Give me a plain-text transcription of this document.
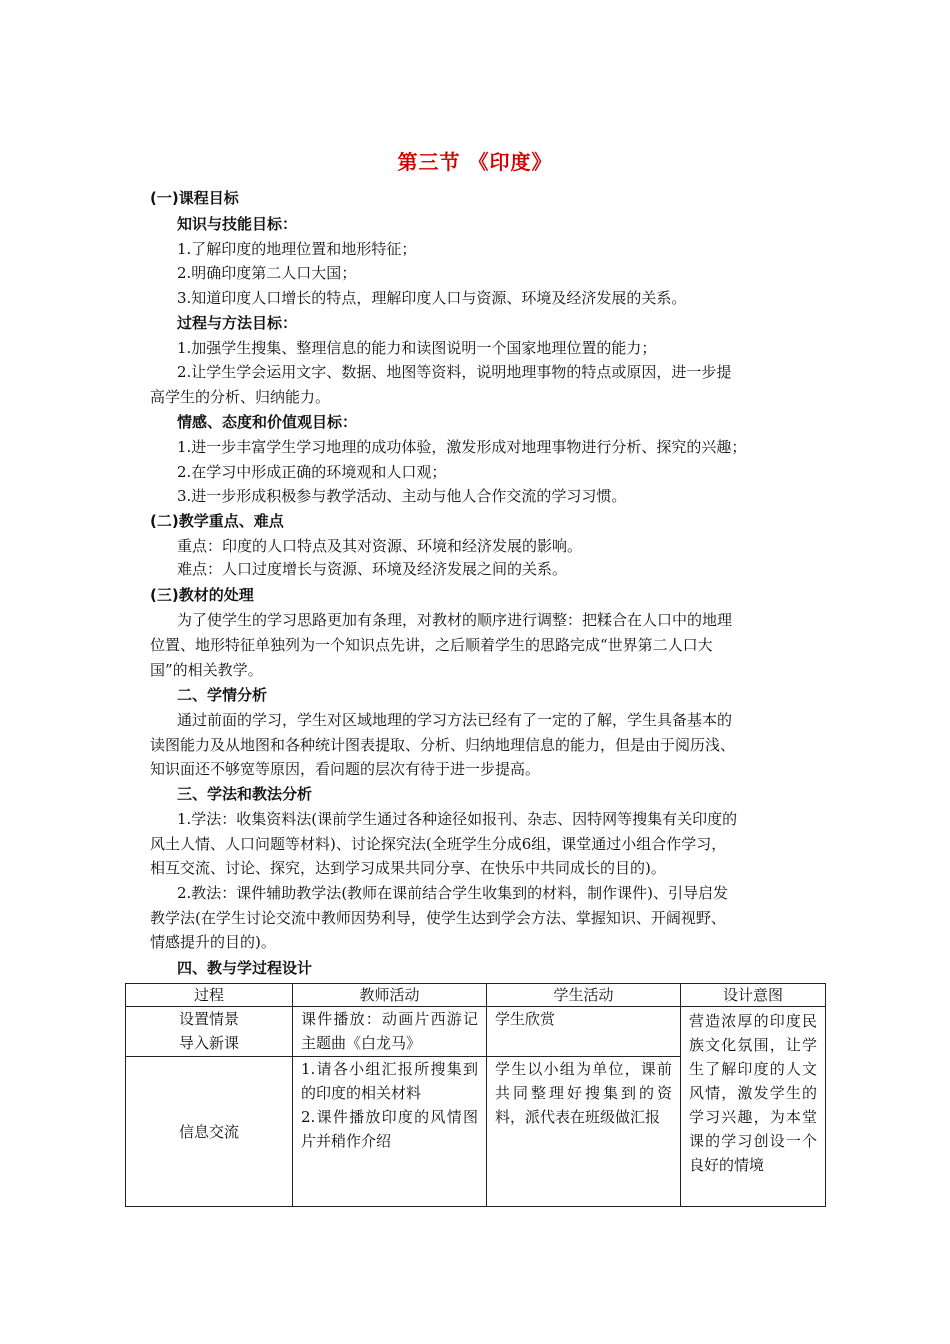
第三节 《印度》
(一)课程目标
知识与技能目标：
1.了解印度的地理位置和地形特征；
2.明确印度第二人口大国；
3.知道印度人口增长的特点，理解印度人口与资源、环境及经济发展的关系。
过程与方法目标：
1.加强学生搜集、整理信息的能力和读图说明一个国家地理位置的能力；
2.让学生学会运用文字、数据、地图等资料，说明地理事物的特点或原因，进一步提
高学生的分析、归纳能力。
情感、态度和价值观目标：
1.进一步丰富学生学习地理的成功体验，激发形成对地理事物进行分析、探究的兴趣；
2.在学习中形成正确的环境观和人口观；
3.进一步形成积极参与教学活动、主动与他人合作交流的学习习惯。
(二)教学重点、难点
重点：印度的人口特点及其对资源、环境和经济发展的影响。
难点：人口过度增长与资源、环境及经济发展之间的关系。
(三)教材的处理
为了使学生的学习思路更加有条理，对教材的顺序进行调整：把糅合在人口中的地理
位置、地形特征单独列为一个知识点先讲，之后顺着学生的思路完成“世界第二人口大
国”的相关教学。
二、学情分析
通过前面的学习，学生对区域地理的学习方法已经有了一定的了解，学生具备基本的
读图能力及从地图和各种统计图表提取、分析、归纳地理信息的能力，但是由于阅历浅、
知识面还不够宽等原因，看问题的层次有待于进一步提高。
三、学法和教法分析
1.学法：收集资料法(课前学生通过各种途径如报刊、杂志、因特网等搜集有关印度的
风土人情、人口问题等材料)、讨论探究法(全班学生分成6组，课堂通过小组合作学习，
相互交流、讨论、探究，达到学习成果共同分享、在快乐中共同成长的目的)。
2.教法：课件辅助教学法(教师在课前结合学生收集到的材料，制作课件)、引导启发
教学法(在学生讨论交流中教师因势利导，使学生达到学会方法、掌握知识、开阔视野、
情感提升的目的)。
四、教与学过程设计
过程	教师活动	学生活动	设计意图

设置情景
导入新课	课件播放：动画片西游记主题曲《白龙马》	学生欣赏	营造浓厚的印度民族文化氛围，让学生了解印度的人文风情，激发学生的学习兴趣，为本堂课的学习创设一个良好的情境
信息交流	1.请各小组汇报所搜集到的印度的相关材料
2.课件播放印度的风情图片并稍作介绍	学生以小组为单位，课前共同整理好搜集到的资料，派代表在班级做汇报	
